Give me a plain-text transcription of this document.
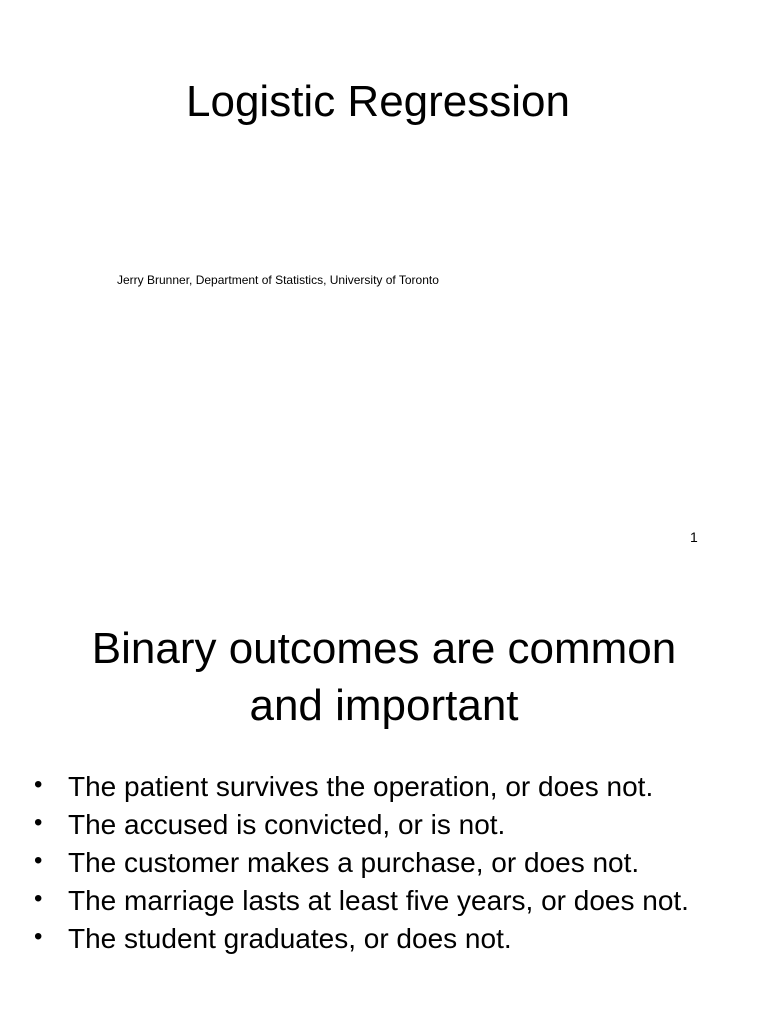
Logistic Regression
Jerry Brunner, Department of Statistics, University of Toronto
1
Binary outcomes are common
and important
• The patient survives the operation, or does not.
• The accused is convicted, or is not.
• The customer makes a purchase, or does not.
• The marriage lasts at least five years, or does not.
• The student graduates, or does not.
